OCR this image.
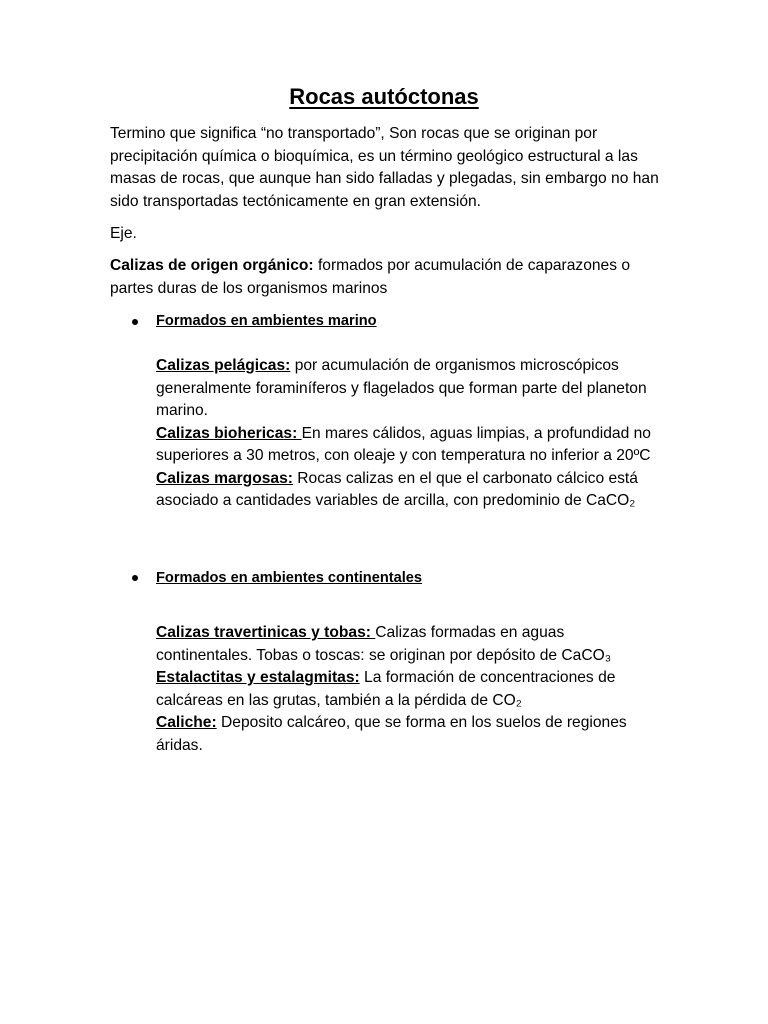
Rocas autóctonas

Termino que significa “no transportado”, Son rocas que se originan por precipitación química o bioquímica, es un término geológico estructural a las masas de rocas, que aunque han sido falladas y plegadas, sin embargo no han sido transportadas tectónicamente en gran extensión.

Eje.

Calizas de origen orgánico: formados por acumulación de caparazones o partes duras de los organismos marinos

Formados en ambientes marino

Calizas pelágicas: por acumulación de organismos microscópicos generalmente foraminíferos y flagelados que forman parte del planeton marino.

Calizas biohericas: En mares cálidos, aguas limpias, a profundidad no superiores a 30 metros, con oleaje y con temperatura no inferior a 20ºC

Calizas margosas: Rocas calizas en el que el carbonato cálcico está asociado a cantidades variables de arcilla, con predominio de CaCO₂

Formados en ambientes continentales

Calizas travertinicas y tobas: Calizas formadas en aguas continentales. Tobas o toscas: se originan por depósito de CaCO₃

Estalactitas y estalagmitas: La formación de concentraciones de calcáreas en las grutas, también a la pérdida de CO₂

Caliche: Deposito calcáreo, que se forma en los suelos de regiones áridas.
